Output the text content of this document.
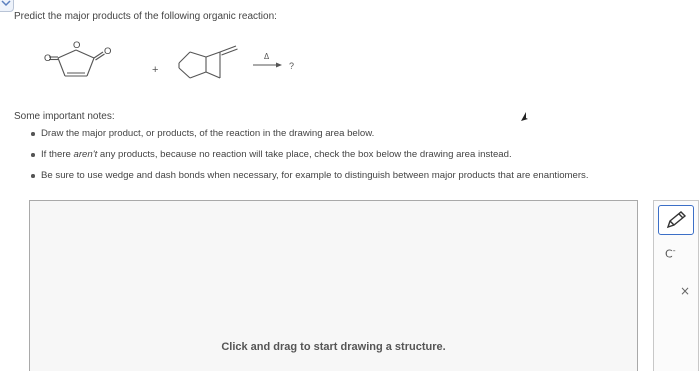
Predict the major products of the following organic reaction:
O
O
O
+
Δ
?
Some important notes:
Draw the major product, or products, of the reaction in the drawing area below.
If there aren't any products, because no reaction will take place, check the box below the drawing area instead.
Be sure to use wedge and dash bonds when necessary, for example to distinguish between major products that are enantiomers.
Click and drag to start drawing a structure.
C-
×
